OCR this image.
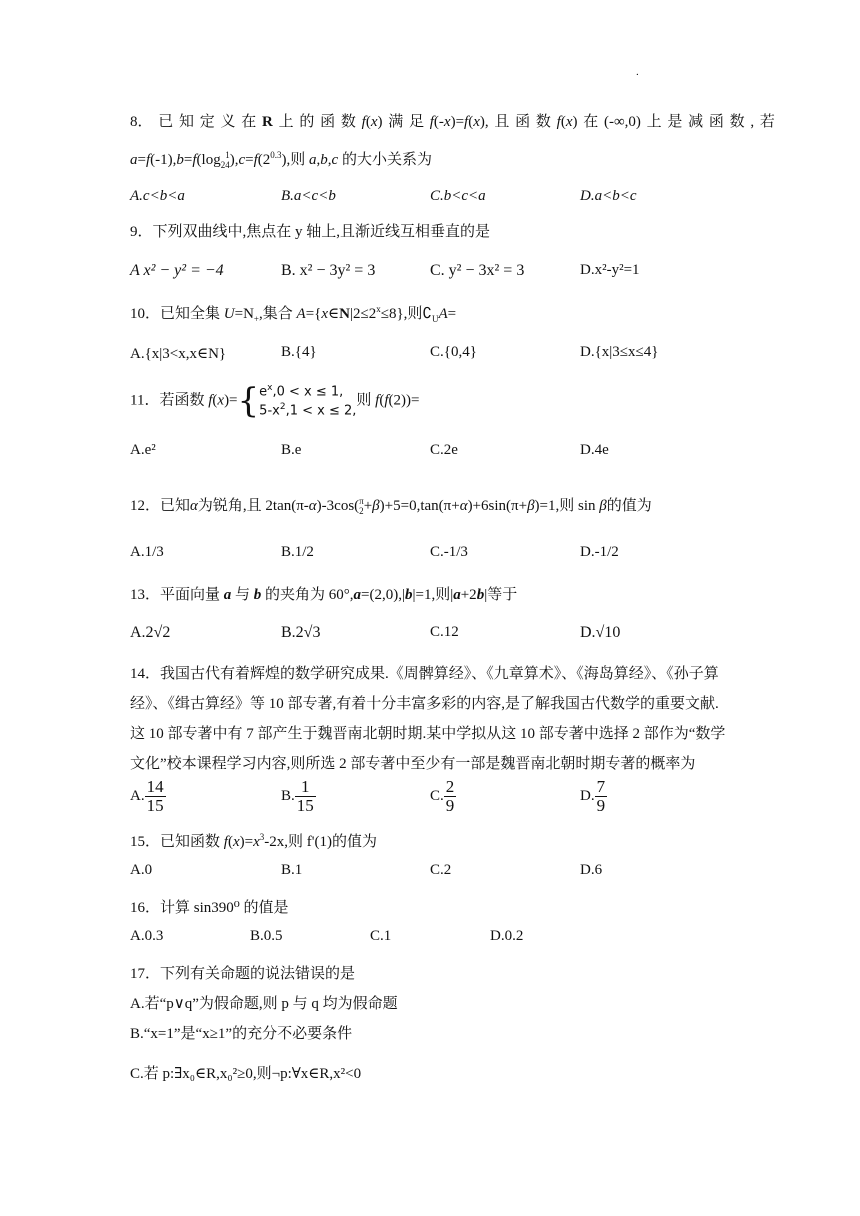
.
8． 已 知 定 义 在 R 上 的 函 数 f(x) 满 足 f(-x)=f(x), 且 函 数 f(x) 在 (-∞,0) 上 是 减 函 数 , 若
$a=f(-1),b=f(\log_2$
1
4 )$,c=f(2^{0.3})$,则 a,b,c 的大小关系为
A.c<b<a	B.a<c<b	C.b<c<a	D.a<b<c
9．下列双曲线中,焦点在 y 轴上,且渐近线互相垂直的是
A x² − y² = −4	B. x² − 3y² = 3	C. y² − 3x² = 3	D.x²-y²=1
10．已知全集 $U=N_+$,集合 $A=\{x\in N|2\le 2^x\le 8\}$,则$∁_UA=$
A.{x|3<x,x∈N}	B.{4}	C.{0,4}	D.{x|3≤x≤4}
11．若函数 $f(x)=\{e^x,0 < x \le 1$,
$5-x^2,1 < x \le 2$,则 f(f(2))=
A.e²	B.e	C.2e	D.4e
12．已知α为锐角,且 2tan(π-α)-3cos( π
2 +β)+5=0,tan(π+α)+6sin(π+β)=1,则 sin β的值为
A.1/3	B.1/2	C.-1/3	D.-1/2
13．平面向量 a 与 b 的夹角为 60°,a=(2,0),|b|=1,则|a+2b|等于
A.2√2	B.2√3	C.12	D.√10
14．我国古代有着辉煌的数学研究成果.《周髀算经》、《九章算术》、《海岛算经》、《孙子算
经》、《缉古算经》等 10 部专著,有着十分丰富多彩的内容,是了解我国古代数学的重要文献.
这 10 部专著中有 7 部产生于魏晋南北朝时期.某中学拟从这 10 部专著中选择 2 部作为“数学
文化”校本课程学习内容,则所选 2 部专著中至少有一部是魏晋南北朝时期专著的概率为
A. $\frac{14}{15}$	B. $\frac{1}{15}$	C. $\frac{2}{9}$	D. $\frac{7}{9}$
15．已知函数 $f(x)=x^3-2x$,则 f'(1)的值为
A.0	B.1	C.2	D.6
16．计算 sin390⁰ 的值是
A.0.3	B.0.5	C.1	D.0.2
17．下列有关命题的说法错误的是
A.若“p∨q”为假命题,则 p 与 q 均为假命题
B.“x=1”是“x≥1”的充分不必要条件
C.若 p:∃x₀∈R,x₀²≥0,则¬p:∀x∈R,x²<0
